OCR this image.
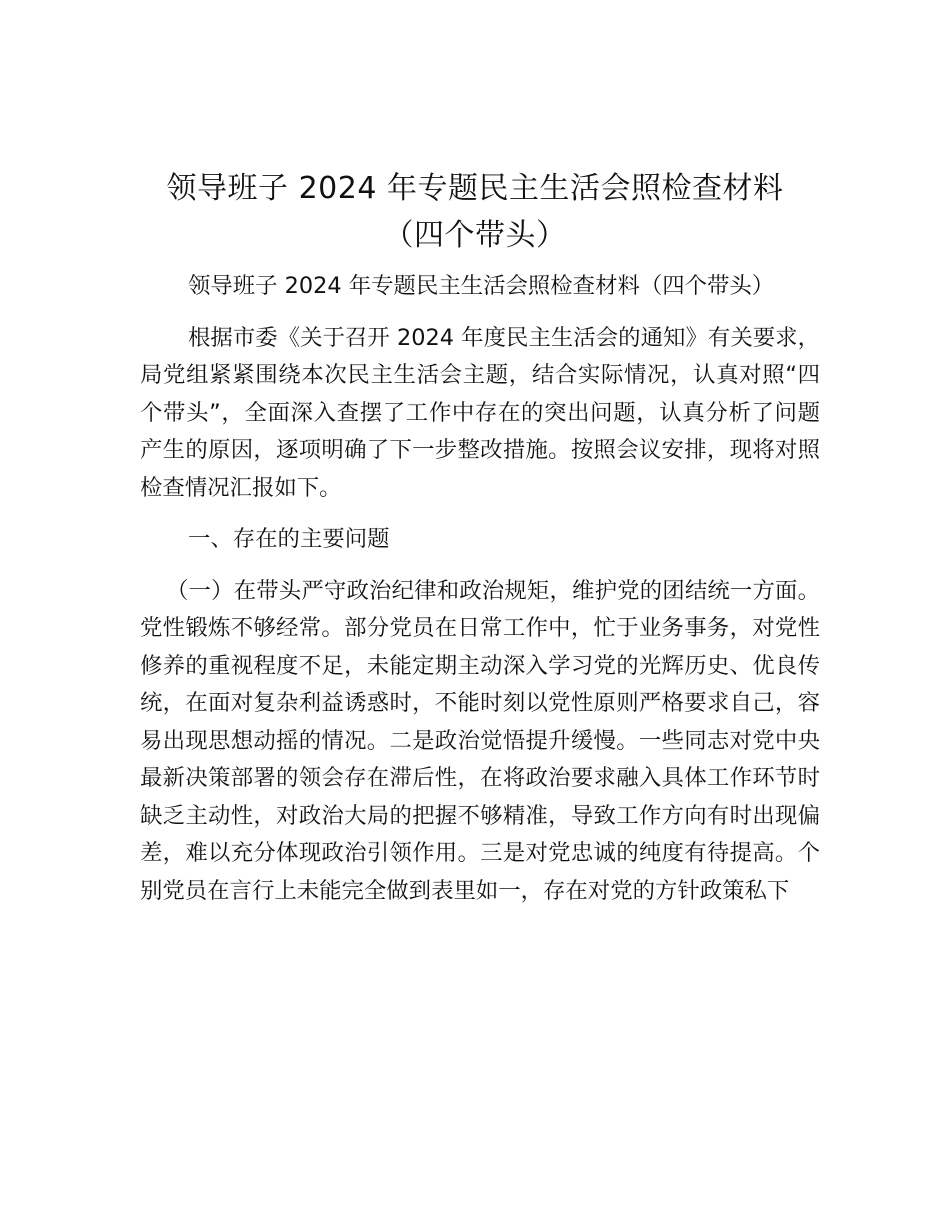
领导班子 2024 年专题民主生活会照检查材料
（四个带头）

领导班子 2024 年专题民主生活会照检查材料（四个带头）

根据市委《关于召开 2024 年度民主生活会的通知》有关要求，局党组紧紧围绕本次民主生活会主题，结合实际情况，认真对照“四个带头”，全面深入查摆了工作中存在的突出问题，认真分析了问题产生的原因，逐项明确了下一步整改措施。按照会议安排，现将对照检查情况汇报如下。

一、存在的主要问题

（一）在带头严守政治纪律和政治规矩，维护党的团结统一方面。党性锻炼不够经常。部分党员在日常工作中，忙于业务事务，对党性修养的重视程度不足，未能定期主动深入学习党的光辉历史、优良传统，在面对复杂利益诱惑时，不能时刻以党性原则严格要求自己，容易出现思想动摇的情况。二是政治觉悟提升缓慢。一些同志对党中央最新决策部署的领会存在滞后性，在将政治要求融入具体工作环节时缺乏主动性，对政治大局的把握不够精准，导致工作方向有时出现偏差，难以充分体现政治引领作用。三是对党忠诚的纯度有待提高。个别党员在言行上未能完全做到表里如一，存在对党的方针政策私下
